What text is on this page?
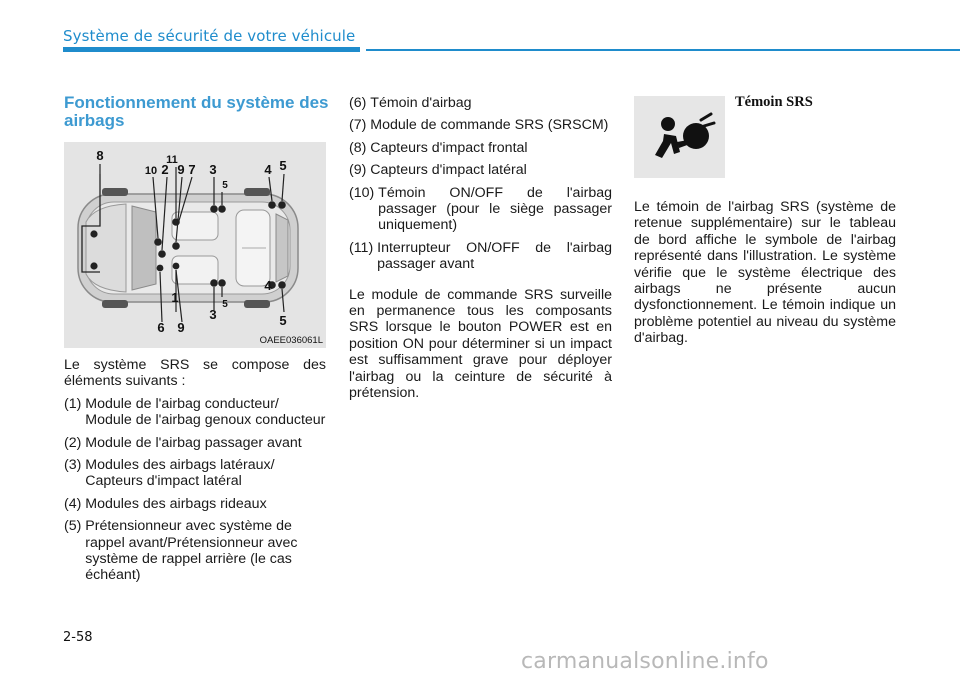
Système de sécurité de votre véhicule
Fonctionnement du système des airbags
8	11
10 2 9 7 3
5
4 5
1
6 9
3
5
4
5
OAEE036061L

Le système SRS se compose des éléments suivants :

(1) Module de l'airbag conducteur/ Module de l'airbag genoux conducteur
(2) Module de l'airbag passager avant
(3) Modules des airbags latéraux/ Capteurs d'impact latéral
(4) Modules des airbags rideaux
(5) Prétensionneur avec système de rappel avant/Prétensionneur avec système de rappel arrière (le cas échéant)
(6) Témoin d'airbag
(7) Module de commande SRS (SRSCM)
(8) Capteurs d'impact frontal
(9) Capteurs d'impact latéral
(10) Témoin ON/OFF de l'airbag passager (pour le siège passager uniquement)
(11) Interrupteur ON/OFF de l'airbag passager avant

Le module de commande SRS surveille en permanence tous les composants SRS lorsque le bouton POWER est en position ON pour déterminer si un impact est suffisamment grave pour déployer l'airbag ou la ceinture de sécurité à prétension.

Témoin SRS

Le témoin de l'airbag SRS (système de retenue supplémentaire) sur le tableau de bord affiche le symbole de l'airbag représenté dans l'illustration. Le système vérifie que le système électrique des airbags ne présente aucun dysfonctionnement. Le témoin indique un problème potentiel au niveau du système d'airbag.

2-58
carmanualsonline.info
